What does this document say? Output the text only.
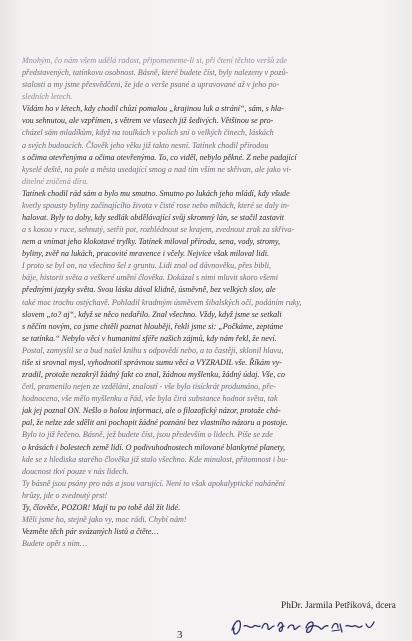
Mnohým, čo nám všem udělá radost, připomeneme-li si, při čtení těchto veršů zde
představených, tatínkovu osobnost. Básně, které budete číst, byly nalezeny v pozů-
stalosti a my jsme přesvědčeni, že jde o verše psané a upravované až v jeho po-
sledních letech.
Vídám ho v létech, kdy chodil chůzí pomalou „krajinou luk a strání“, sám, s hla-
vou sehnutou, ale vzpřímen, s větrem ve vlasech již šedivých. Většinou se pro-
cházel sám mladíkům, když na toulkách v polích sní o velkých činech, láskách
a svých budoucích. Člověk jeho věku již takto nesní. Tatínek chodil přírodou
s očima otevřenýma a očima otevřenýma. To, co viděl, nebylo pěkné. Z nebe padající
kyselé deště, na pole a města usedající smog a nad tím vším ne skřivan, ale jako vi-
ditelné zničená díra.
Tatínek chodil rád sám a bylo mu smutno. Smutno po lukách jeho mládí, kdy všude
kvetly spousty byliny začínajícího života v čisté rose nebo mlhách, které se daly in-
halovat. Byly to doby, kdy sedlák obdělávající svůj skromný lán, se stačil zastavit
a s kosou v ruce, sehnutý, setřít pot, rozhlédnout se krajem, zvednout zrak za skřiva-
nem a vnímat jeho klokotavé trylky. Tatínek miloval přírodu, sena, vody, stromy,
byliny, zvěř na lukách, pracovité mravence i včely. Nejvíce však miloval lidi.
I proto se byl on, na všechno šel z gruntu. Lidi znal od dávnověku, přes bibli,
báje, historii světa a veškeré umění člověka. Dokázal s nimi mluvit skoro všemi
přednými jazyky světa. Svou lásku dával klidně, úsměvně, bez velkých slov, ale
také moc trochu ostýchavě. Pohladil kradmým úsměvem šibalských očí, podáním ruky,
slovem „to? aj“, když se něco nedařilo. Znal všechno. Vždy, když jsme se setkali
s něčím novým, co jsme chtěli poznat hlouběji, řekli jsme si: „Počkáme, zeptáme
se tatínka.“ Nebylo věcí v humanitní sféře našich zájmů, kdy nám řekl, že neví.
Postal, zamyslil se a bud našel knihu s odpovědí nebo, a to častěji, sklonil hlavu,
tiše si srovnal mysl, vyhodnotil správnou sumu věcí a VYZRADIL vše. Říkám vy-
zradil, protože nezakrýl žádný fakt co znal, žádnou myšlenku, žádný údaj. Vše, co
četl, pramenilo nejen ze vzdělání, znalostí - vše bylo tisíckrát produmáno, pře-
hodnoceno, vše mělo myšlenku a řád, vše byla čirá substance hodnot světa, tak
jak jej poznal ON. Nešlo o holou informaci, ale o filozofický názor, protože chá-
pal, že nelze zde sdělit ani pochopit žádné poznání bez vlastního názoru a postoje.
Bylo to již řečeno. Básně, jež budete číst, jsou především o lidech. Píše se zde
o krásách i bolestech země lidí. O podivuhodnostech milované blankytné planety,
kde se z hlediska starého člověka již stalo všechno. Kde minulost, přítomnost i bu-
doucnost tkví pouze v nás lidech.
Ty básně jsou psány pro nás a jsou varující. Není to však apokalyptické nahánění
hrůzy, jde o zvednutý prst!
Ty, člověče, POZOR! Mají tu po tobě dál žít lidé.
Měli jsme ho, stejně jako vy, moc rádi. Chybí nám!
Vezměte těch pár svázaných listů a čtěte…
Budete opět s ním…
PhDr. Jarmila Petříková, dcera
3
